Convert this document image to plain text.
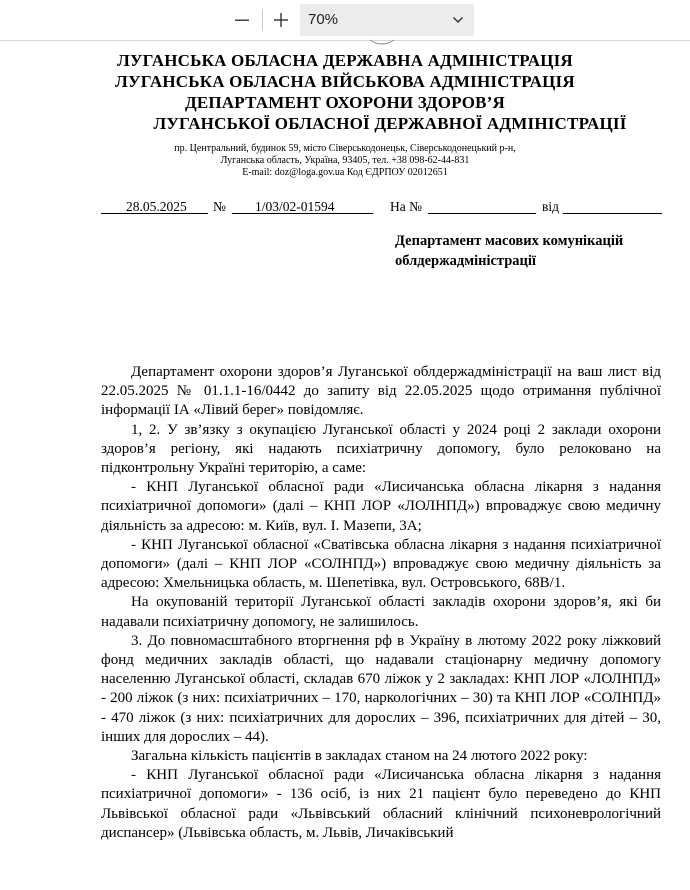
70%
ЛУГАНСЬКА ОБЛАСНА ДЕРЖАВНА АДМІНІСТРАЦІЯ
ЛУГАНСЬКА ОБЛАСНА ВІЙСЬКОВА АДМІНІСТРАЦІЯ
ДЕПАРТАМЕНТ ОХОРОНИ ЗДОРОВ’Я
ЛУГАНСЬКОЇ ОБЛАСНОЇ ДЕРЖАВНОЇ АДМІНІСТРАЦІЇ
пр. Центральний, будинок 59, місто Сіверськодонецьк, Сіверськодонецький р-н,
Луганська область, Україна, 93405, тел. +38 098-62-44-831
E-mail: doz@loga.gov.ua Код ЄДРПОУ 02012651
28.05.2025 № 1/03/02-01594	На №	від
Департамент масових комунікацій облдержадміністрації

Департамент охорони здоров’я Луганської облдержадміністрації на ваш лист від 22.05.2025 № 01.1.1-16/0442 до запиту від 22.05.2025 щодо отримання публічної інформації ІА «Лівий берег» повідомляє.

1, 2. У зв’язку з окупацією Луганської області у 2024 році 2 заклади охорони здоров’я регіону, які надають психіатричну допомогу, було релоковано на підконтрольну Україні територію, а саме:

- КНП Луганської обласної ради «Лисичанська обласна лікарня з надання психіатричної допомоги» (далі – КНП ЛОР «ЛОЛНПД») впроваджує свою медичну діяльність за адресою: м. Київ, вул. І. Мазепи, 3А;

- КНП Луганської обласної «Сватівська обласна лікарня з надання психіатричної допомоги» (далі – КНП ЛОР «СОЛНПД») впроваджує свою медичну діяльність за адресою: Хмельницька область, м. Шепетівка, вул. Островського, 68В/1.

На окупованій території Луганської області закладів охорони здоров’я, які би надавали психіатричну допомогу, не залишилось.

3. До повномасштабного вторгнення рф в Україну в лютому 2022 року ліжковий фонд медичних закладів області, що надавали стаціонарну медичну допомогу населенню Луганської області, складав 670 ліжок у 2 закладах: КНП ЛОР «ЛОЛНПД» - 200 ліжок (з них: психіатричних – 170, наркологічних – 30) та КНП ЛОР «СОЛНПД» - 470 ліжок (з них: психіатричних для дорослих – 396, психіатричних для дітей – 30, інших для дорослих – 44).

Загальна кількість пацієнтів в закладах станом на 24 лютого 2022 року:

- КНП Луганської обласної ради «Лисичанська обласна лікарня з надання психіатричної допомоги» - 136 осіб, із них 21 пацієнт було переведено до КНП Львівської обласної ради «Львівський обласний клінічний психоневрологічний диспансер» (Львівська область, м. Львів, Личаківський
